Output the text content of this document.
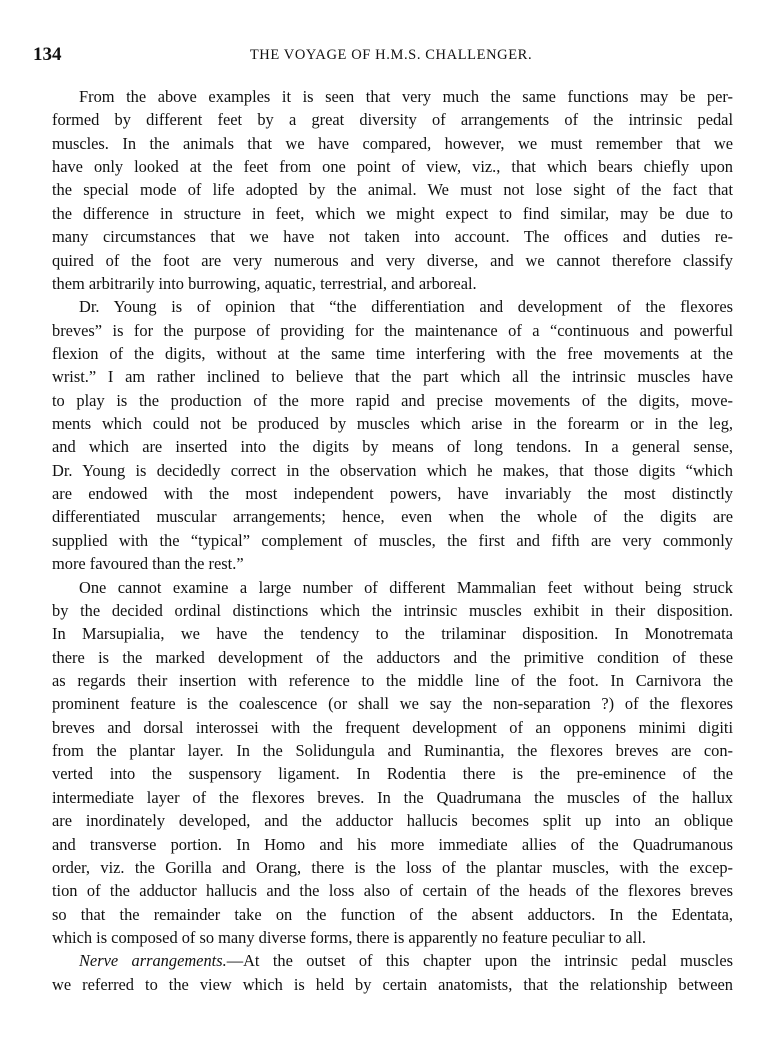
134	THE VOYAGE OF H.M.S. CHALLENGER.
From the above examples it is seen that very much the same functions may be per-
formed by different feet by a great diversity of arrangements of the intrinsic pedal
muscles. In the animals that we have compared, however, we must remember that we
have only looked at the feet from one point of view, viz., that which bears chiefly upon
the special mode of life adopted by the animal. We must not lose sight of the fact that
the difference in structure in feet, which we might expect to find similar, may be due to
many circumstances that we have not taken into account. The offices and duties re-
quired of the foot are very numerous and very diverse, and we cannot therefore classify
them arbitrarily into burrowing, aquatic, terrestrial, and arboreal.
Dr. Young is of opinion that “the differentiation and development of the flexores
breves” is for the purpose of providing for the maintenance of a “continuous and powerful
flexion of the digits, without at the same time interfering with the free movements at the
wrist.” I am rather inclined to believe that the part which all the intrinsic muscles have
to play is the production of the more rapid and precise movements of the digits, move-
ments which could not be produced by muscles which arise in the forearm or in the leg,
and which are inserted into the digits by means of long tendons. In a general sense,
Dr. Young is decidedly correct in the observation which he makes, that those digits “which
are endowed with the most independent powers, have invariably the most distinctly
differentiated muscular arrangements; hence, even when the whole of the digits are
supplied with the “typical” complement of muscles, the first and fifth are very commonly
more favoured than the rest.”
One cannot examine a large number of different Mammalian feet without being struck
by the decided ordinal distinctions which the intrinsic muscles exhibit in their disposition.
In Marsupialia, we have the tendency to the trilaminar disposition. In Monotremata
there is the marked development of the adductors and the primitive condition of these
as regards their insertion with reference to the middle line of the foot. In Carnivora the
prominent feature is the coalescence (or shall we say the non-separation ?) of the flexores
breves and dorsal interossei with the frequent development of an opponens minimi digiti
from the plantar layer. In the Solidungula and Ruminantia, the flexores breves are con-
verted into the suspensory ligament. In Rodentia there is the pre-eminence of the
intermediate layer of the flexores breves. In the Quadrumana the muscles of the hallux
are inordinately developed, and the adductor hallucis becomes split up into an oblique
and transverse portion. In Homo and his more immediate allies of the Quadrumanous
order, viz. the Gorilla and Orang, there is the loss of the plantar muscles, with the excep-
tion of the adductor hallucis and the loss also of certain of the heads of the flexores breves
so that the remainder take on the function of the absent adductors. In the Edentata,
which is composed of so many diverse forms, there is apparently no feature peculiar to all.
Nerve arrangements.—At the outset of this chapter upon the intrinsic pedal muscles
we referred to the view which is held by certain anatomists, that the relationship between
